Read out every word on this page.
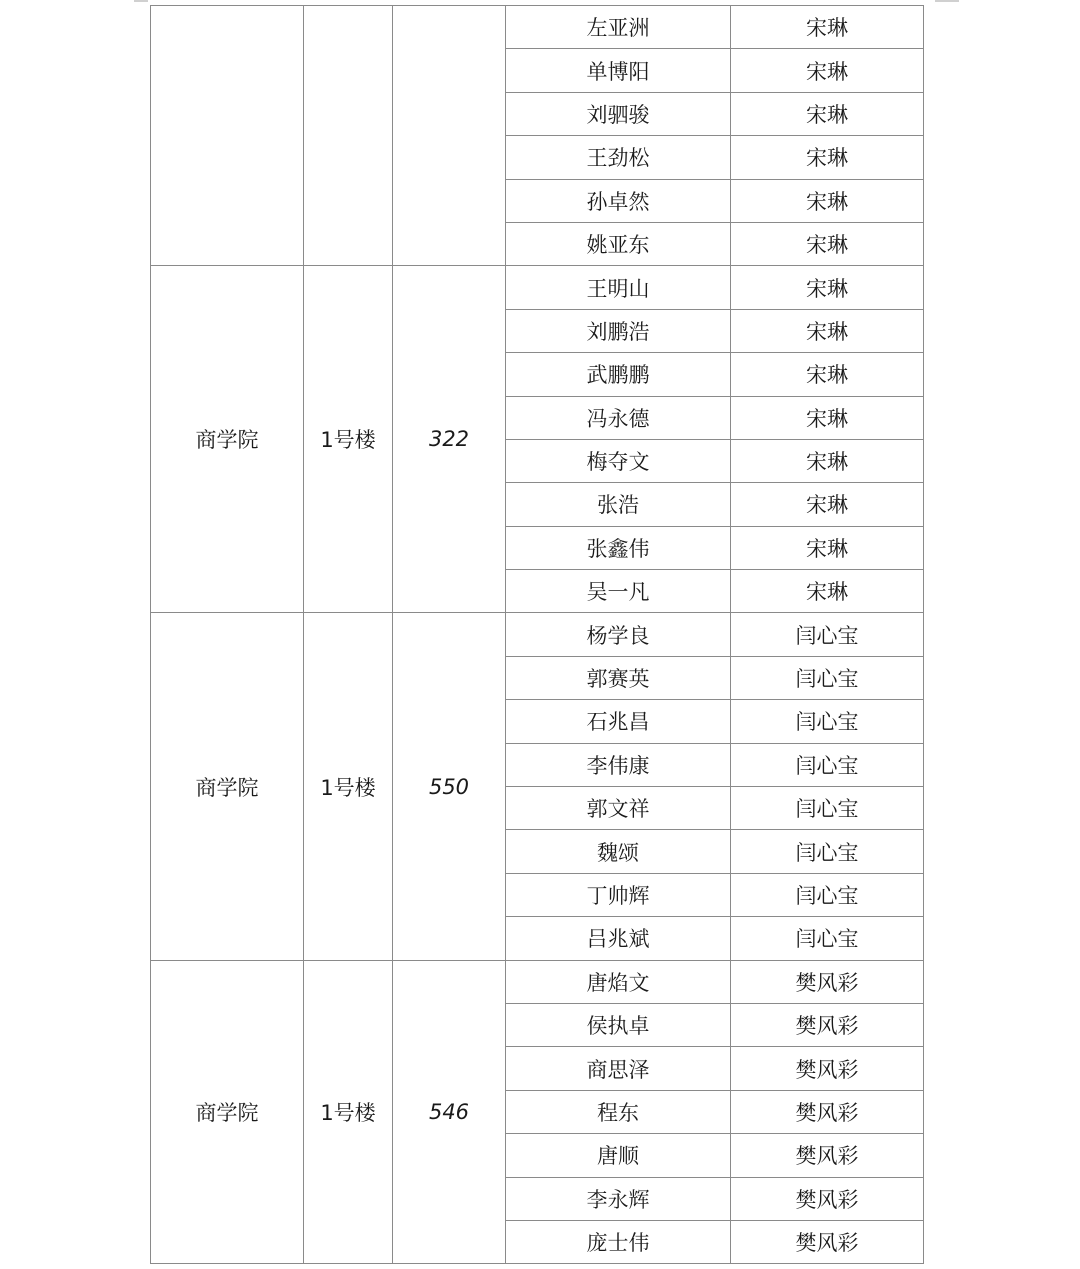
			左亚洲	宋琳
			单博阳	宋琳
			刘驷骏	宋琳
			王劲松	宋琳
			孙卓然	宋琳
			姚亚东	宋琳
商学院	1号楼	322	王明山	宋琳
			刘鹏浩	宋琳
			武鹏鹏	宋琳
			冯永德	宋琳
			梅夺文	宋琳
			张浩	宋琳
			张鑫伟	宋琳
			吴一凡	宋琳
商学院	1号楼	550	杨学良	闫心宝
			郭赛英	闫心宝
			石兆昌	闫心宝
			李伟康	闫心宝
			郭文祥	闫心宝
			魏颂	闫心宝
			丁帅辉	闫心宝
			吕兆斌	闫心宝
商学院	1号楼	546	唐焰文	樊风彩
			侯执卓	樊风彩
			商思泽	樊风彩
			程东	樊风彩
			唐顺	樊风彩
			李永辉	樊风彩
			庞士伟	樊风彩
